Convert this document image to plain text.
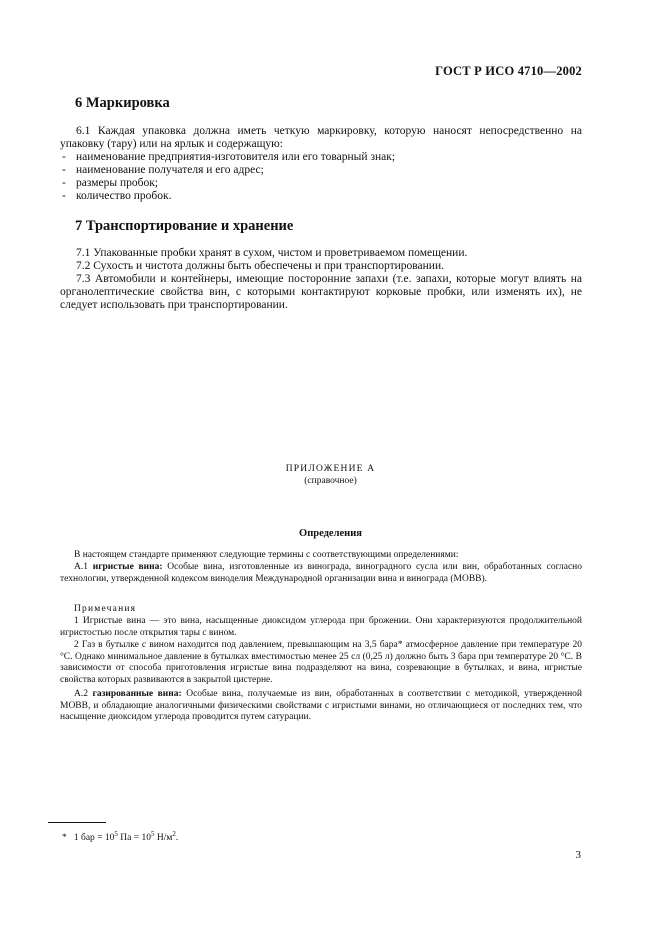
ГОСТ Р ИСО 4710—2002
6 Маркировка
6.1 Каждая упаковка должна иметь четкую маркировку, которую наносят непосредственно на упаковку (тару) или на ярлык и содержащую:
- наименование предприятия-изготовителя или его товарный знак;
- наименование получателя и его адрес;
- размеры пробок;
- количество пробок.
7 Транспортирование и хранение
7.1 Упакованные пробки хранят в сухом, чистом и проветриваемом помещении.
7.2 Сухость и чистота должны быть обеспечены и при транспортировании.
7.3 Автомобили и контейнеры, имеющие посторонние запахи (т.е. запахи, которые могут влиять на органолептические свойства вин, с которыми контактируют корковые пробки, или изменять их), не следует использовать при транспортировании.
ПРИЛОЖЕНИЕ А
(справочное)
Определения
В настоящем стандарте применяют следующие термины с соответствующими определениями:
А.1 игристые вина: Особые вина, изготовленные из винограда, виноградного сусла или вин, обработанных согласно технологии, утвержденной кодексом виноделия Международной организации вина и винограда (МОВВ).
Примечания
1 Игристые вина — это вина, насыщенные диоксидом углерода при брожении. Они характеризуются продолжительной игристостью после открытия тары с вином.
2 Газ в бутылке с вином находится под давлением, превышающим на 3,5 бара* атмосферное давление при температуре 20 °С. Однако минимальное давление в бутылках вместимостью менее 25 сл (0,25 л) должно быть 3 бара при температуре 20 °С. В зависимости от способа приготовления игристые вина подразделяют на вина, созревающие в бутылках, и вина, игристые свойства которых развиваются в закрытой цистерне.
А.2 газированные вина: Особые вина, получаемые из вин, обработанных в соответствии с методикой, утвержденной МОВВ, и обладающие аналогичными физическими свойствами с игристыми винами, но отличающиеся от последних тем, что насыщение диоксидом углерода проводится путем сатурации.
* 1 бар = $10^5$ Па = $10^5$ $Н/м^2$.
3
